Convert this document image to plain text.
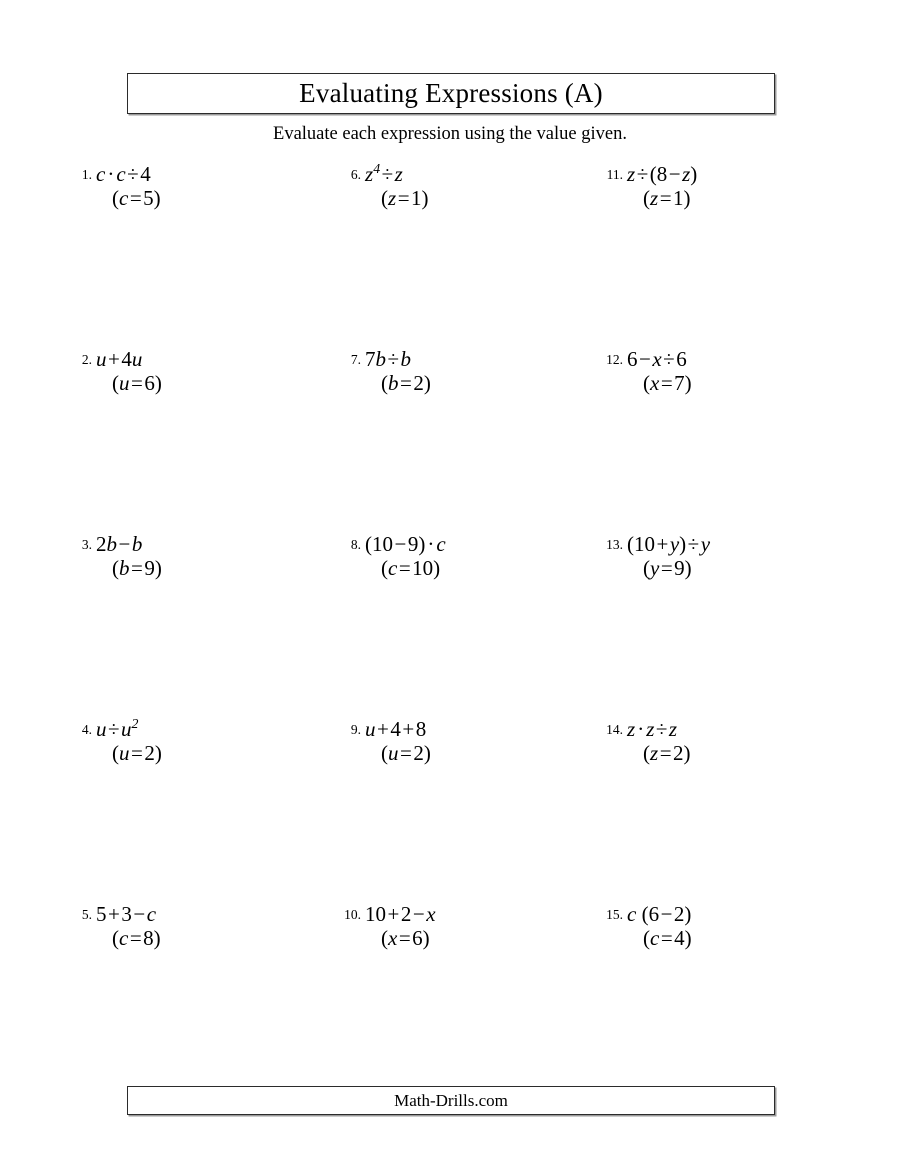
Evaluating Expressions (A)
Evaluate each expression using the value given.
1. c·c÷4
(c=5)
6. $z^4\div z$
(z=1)
11. z÷(8−z)
(z=1)
2. u+4u
(u=6)
7. 7b÷b
(b=2)
12. 6−x÷6
(x=7)
3. 2b−b
(b=9)
8. (10−9)·c
(c=10)
13. (10+y)÷y
(y=9)
4. $u\div u^2$
(u=2)
9. u+4+8
(u=2)
14. z·z÷z
(z=2)
5. 5+3−c
(c=8)
10. 10+2−x
(x=6)
15. c (6−2)
(c=4)
Math-Drills.com
